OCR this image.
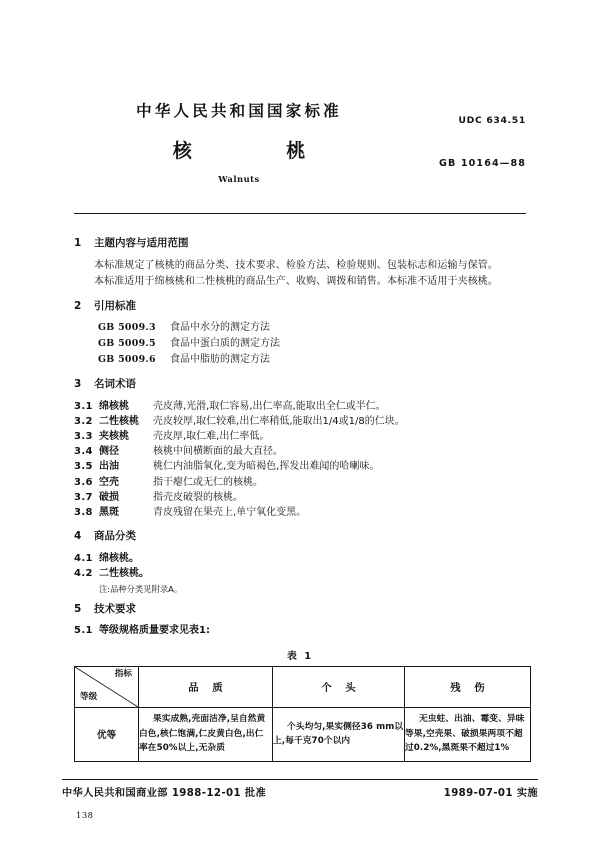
中华人民共和国国家标准
UDC 634.51
核 桃
GB 10164—88
Walnuts
1 主题内容与适用范围

本标准规定了核桃的商品分类、技术要求、检验方法、检验规则、包装标志和运输与保管。

本标准适用于绵核桃和二性核桃的商品生产、收购、调拨和销售。本标准不适用于夹核桃。

2 引用标准
GB 5009.3 食品中水分的测定方法
GB 5009.5 食品中蛋白质的测定方法
GB 5009.6 食品中脂肪的测定方法
3 名词术语
3.1 绵核桃 壳皮薄,光滑,取仁容易,出仁率高,能取出全仁或半仁。
3.2 二性核桃 壳皮较厚,取仁较难,出仁率稍低,能取出1/4或1/8的仁块。
3.3 夹核桃 壳皮厚,取仁难,出仁率低。
3.4 侧径	核桃中间横断面的最大直径。
3.5 出油	桃仁内油脂氧化,变为暗褐色,挥发出难闻的哈喇味。
3.6 空壳	指干瘪仁或无仁的核桃。
3.7 破损	指壳皮破裂的核桃。
3.8 黑斑	青皮残留在果壳上,单宁氧化变黑。
4 商品分类
4.1 绵核桃。
4.2 二性核桃。
注:品种分类见附录A。
5 技术要求
5.1 等级规格质量要求见表1:
表 1
指标
等级	品 质	个 头	残 伤
优等	果实成熟,壳面洁净,呈自然黄白色,核仁饱满,仁皮黄白色,出仁率在50%以上,无杂质	个头均匀,果实侧径36 mm以上,每千克70个以内	无虫蛀、出油、霉变、异味等果,空壳果、破损果两项不超过0.2%,黑斑果不超过1%
中华人民共和国商业部 1988-12-01 批准	1989-07-01 实施
138
